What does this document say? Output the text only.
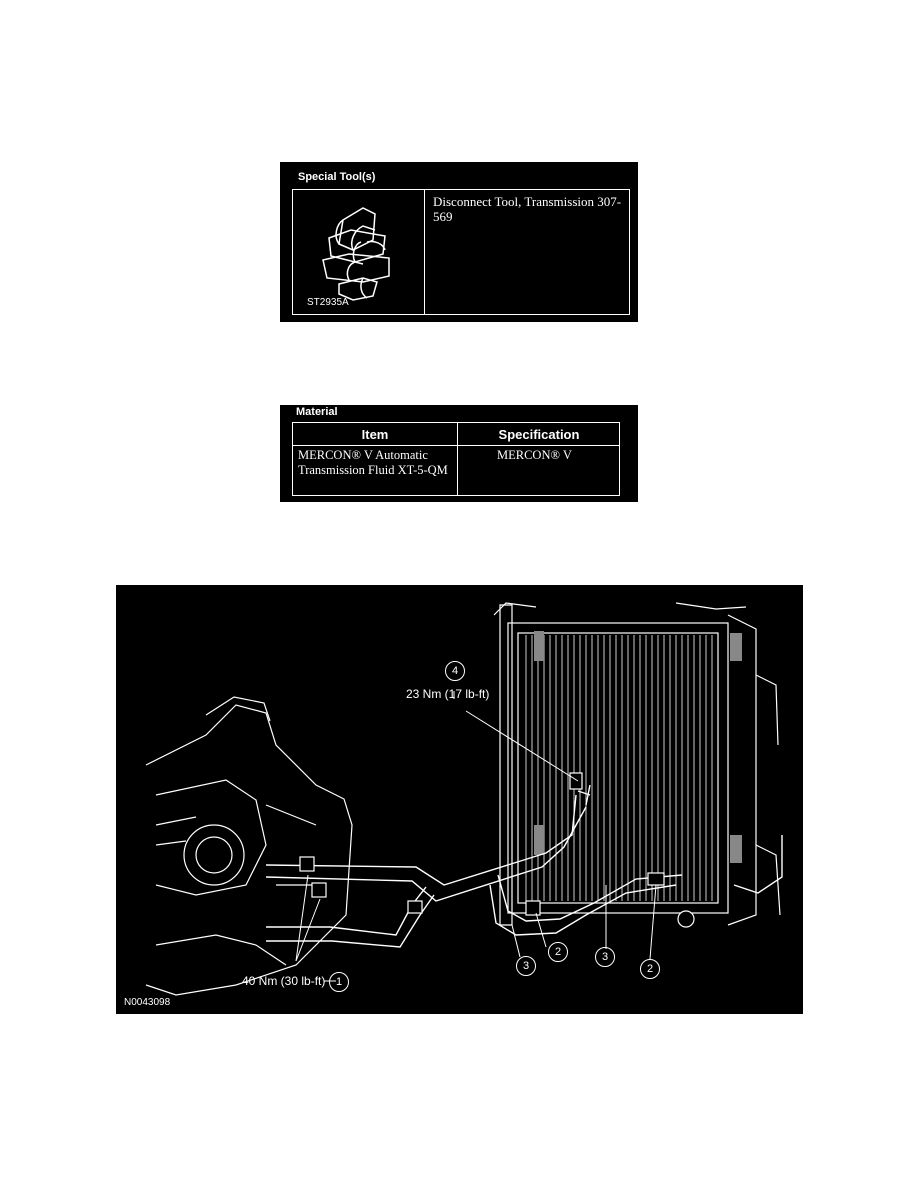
Special Tool(s)
ST2935A
Disconnect Tool, Transmission 307-569
Material
Item	Specification
MERCON® V Automatic Transmission Fluid XT-5-QM
MERCON® V
4
23 Nm (17 lb-ft)
40 Nm (30 lb-ft) 1
2
2
3
3
N0043098
